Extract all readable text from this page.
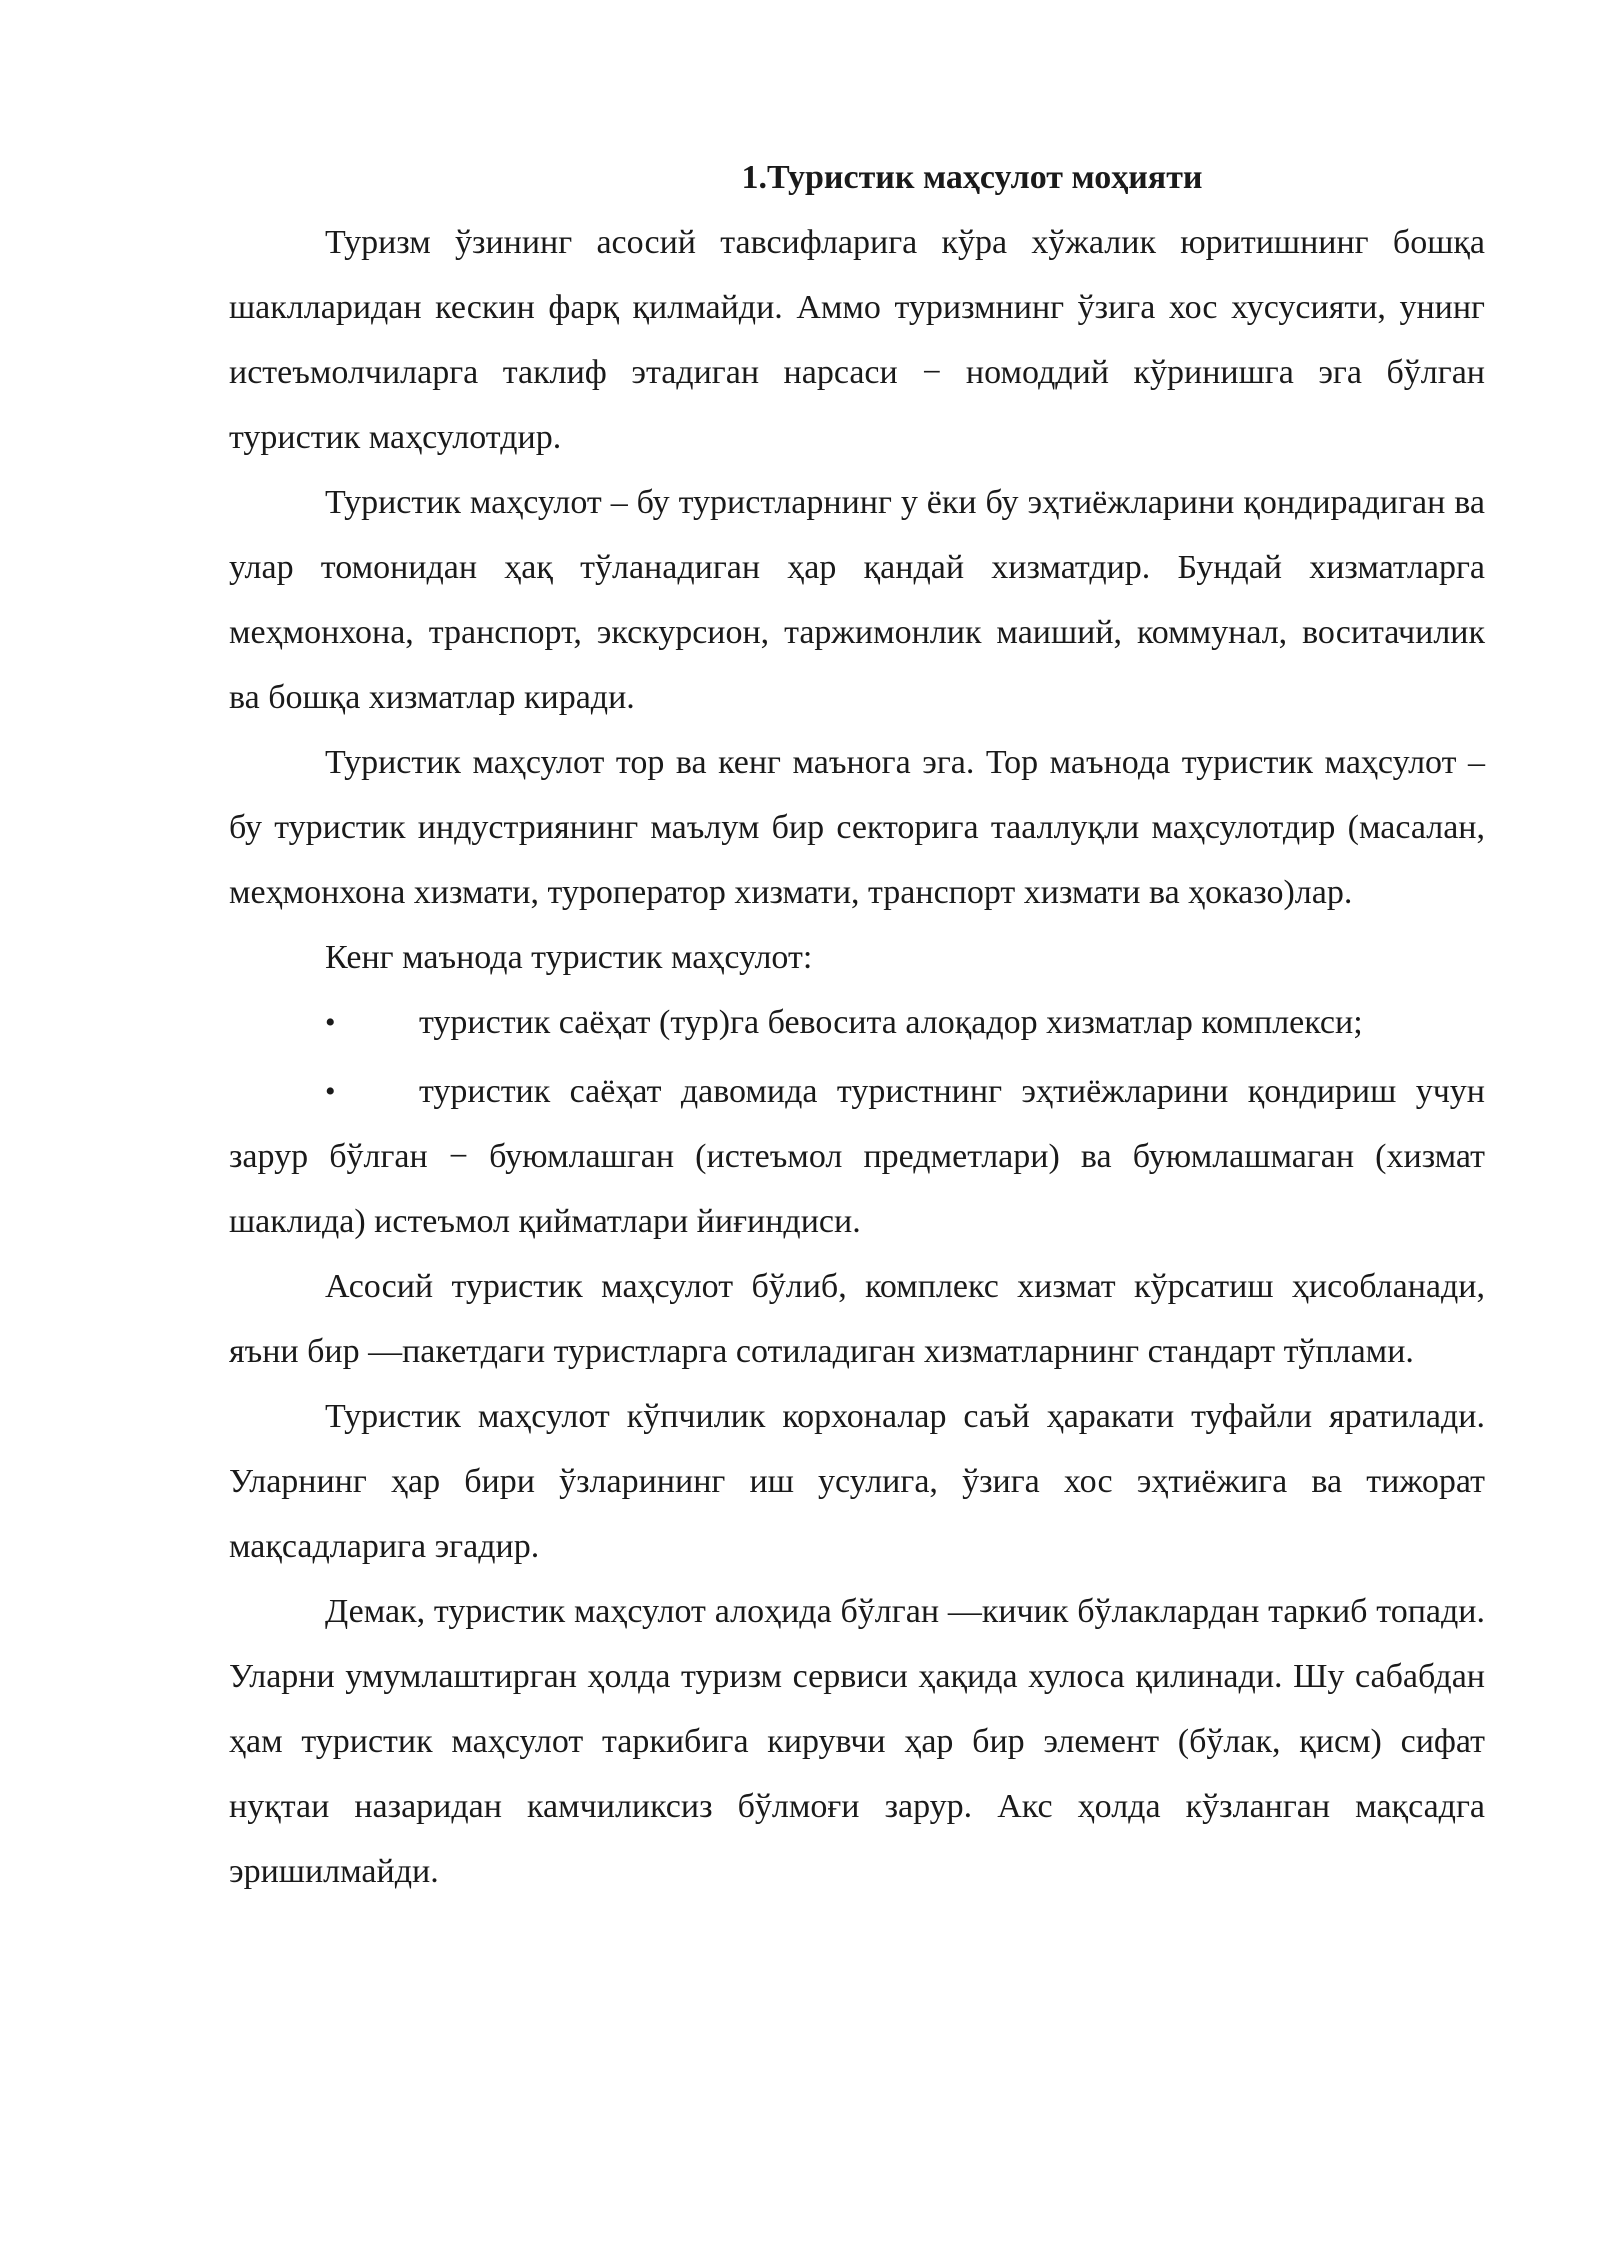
1.Туристик маҳсулот моҳияти

Туризм ўзининг асосий тавсифларига кўра хўжалик юритишнинг бошқа шаклларидан кескин фарқ қилмайди. Аммо туризмнинг ўзига хос хусусияти, унинг истеъмолчиларга таклиф этадиган нарсаси − номоддий кўринишга эга бўлган туристик маҳсулотдир.

Туристик маҳсулот – бу туристларнинг у ёки бу эҳтиёжларини қондирадиган ва улар томонидан ҳақ тўланадиган ҳар қандай хизматдир. Бундай хизматларга меҳмонхона, транспорт, экскурсион, таржимонлик маиший, коммунал, воситачилик ва бошқа хизматлар киради.

Туристик маҳсулот тор ва кенг маънога эга. Тор маънода туристик маҳсулот – бу туристик индустриянинг маълум бир секторига тааллуқли маҳсулотдир (масалан, меҳмонхона хизмати, туроператор хизмати, транспорт хизмати ва ҳоказо)лар.

Кенг маънода туристик маҳсулот:

•	туристик саёҳат (тур)га бевосита алоқадор хизматлар комплекси;
•	туристик саёҳат давомида туристнинг эҳтиёжларини қондириш учун зарур бўлган − буюмлашган (истеъмол предметлари) ва буюмлашмаган (хизмат шаклида) истеъмол қийматлари йиғиндиси.

Асосий туристик маҳсулот бўлиб, комплекс хизмат кўрсатиш ҳисобланади, яъни бир ―пакетдаги туристларга сотиладиган хизматларнинг стандарт тўплами.

Туристик маҳсулот кўпчилик корхоналар саъй ҳаракати туфайли яратилади. Уларнинг ҳар бири ўзларининг иш усулига, ўзига хос эҳтиёжига ва тижорат мақсадларига эгадир.

Демак, туристик маҳсулот алоҳида бўлган ―кичик бўлаклардан таркиб топади. Уларни умумлаштирган ҳолда туризм сервиси ҳақида хулоса қилинади. Шу сабабдан ҳам туристик маҳсулот таркибига кирувчи ҳар бир элемент (бўлак, қисм) сифат нуқтаи назаридан камчиликсиз бўлмоғи зарур. Акс ҳолда кўзланган мақсадга эришилмайди.
